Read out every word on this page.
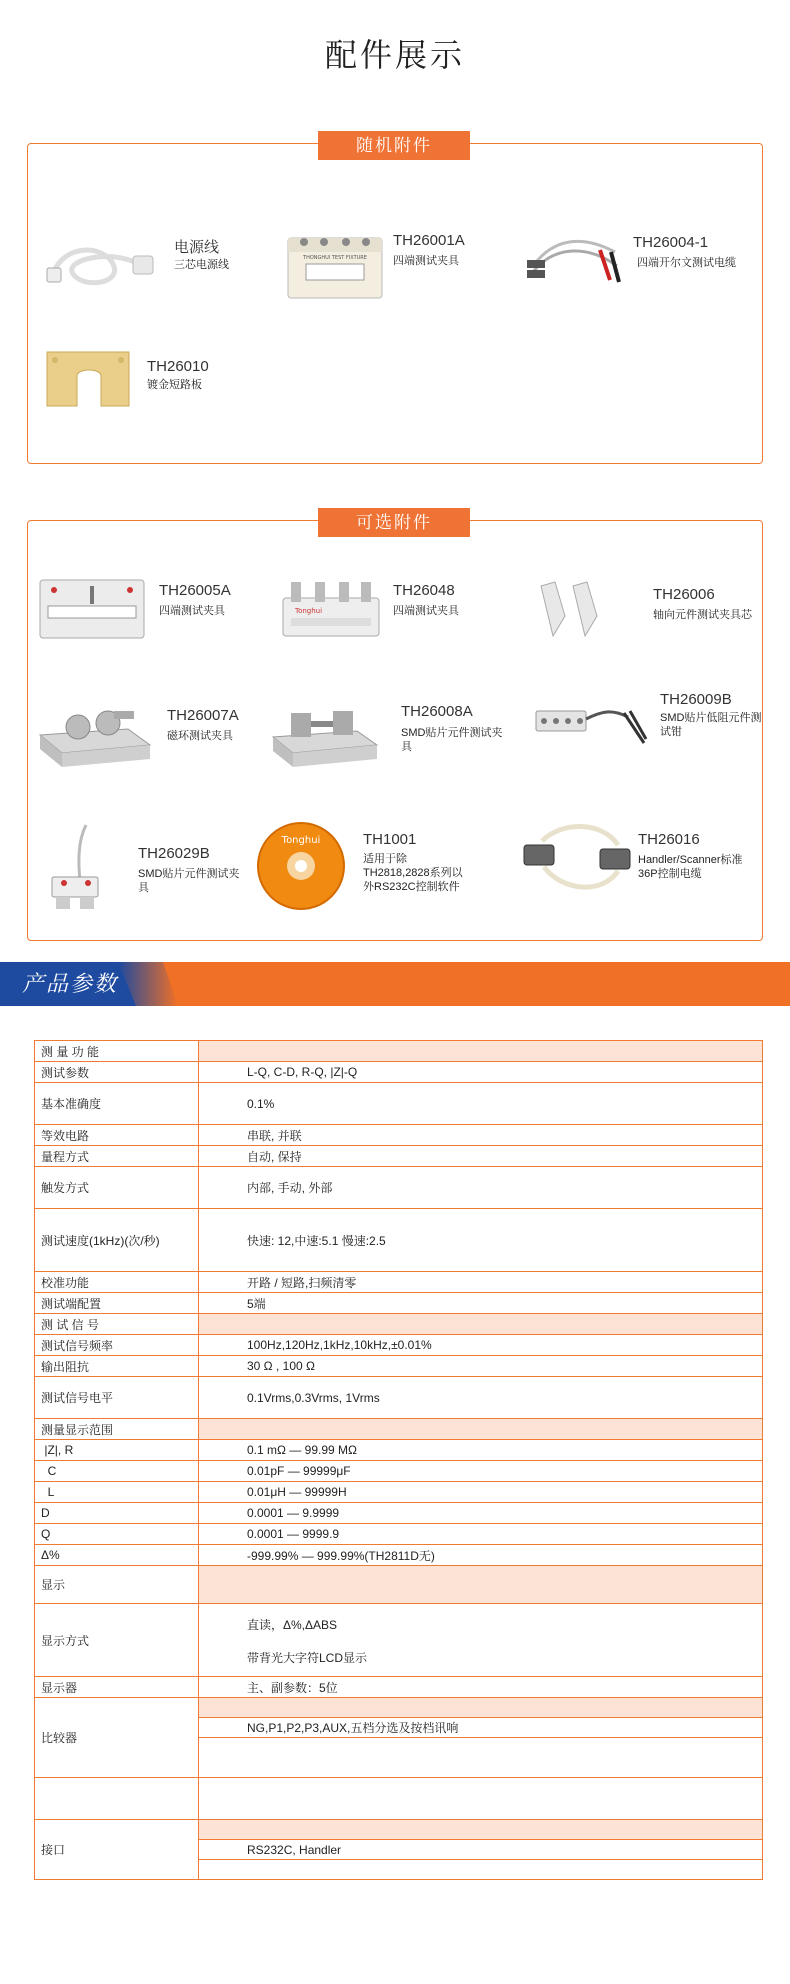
配件展示
随机附件
电源线
三芯电源线
THONGHUI TEST FIXTURE
TH26001A
四端测试夹具
TH26004-1
四端开尔文测试电缆
TH26010
镀金短路板
可选附件
TH26005A
四端测试夹具	Tonghui
TH26048
四端测试夹具
TH26006
轴向元件测试夹具芯
TH26007A
磁环测试夹具
TH26008A
SMD贴片元件测试夹具
TH26009B
SMD贴片低阻元件测试钳
TH26029B
SMD贴片元件测试夹具
Tonghui	TH1001
适用于除TH2818,2828系列以外RS232C控制软件
TH26016
Handler/Scanner标准36P控制电缆
产品参数
测 量 功 能	
测试参数	L-Q, C-D, R-Q, |Z|-Q
基本准确度	0.1%
等效电路	串联, 并联
量程方式	自动, 保持
触发方式	内部, 手动, 外部
测试速度(1kHz)(次/秒)	快速: 12,中速:5.1 慢速:2.5
校准功能	开路 / 短路,扫频清零
测试端配置	5端
测 试 信 号	
测试信号频率	100Hz,120Hz,1kHz,10kHz,±0.01%
输出阻抗	30 Ω , 100 Ω
测试信号电平	0.1Vrms,0.3Vrms, 1Vrms
测量显示范围	
|Z|, R	0.1 mΩ — 99.99 MΩ
C	0.01pF — 99999μF
L	0.01μH — 99999H
D	0.0001 — 9.9999
Q	0.0001 — 9999.9
Δ%	-999.99% — 999.99%(TH2811D无)
显示	
显示方式	直读，Δ%,ΔABS
带背光大字符LCD显示

显示器	主、副参数：5位
比较器	
	NG,P1,P2,P3,AUX,五档分选及按档讯响

接口	
	RS232C, Handler
